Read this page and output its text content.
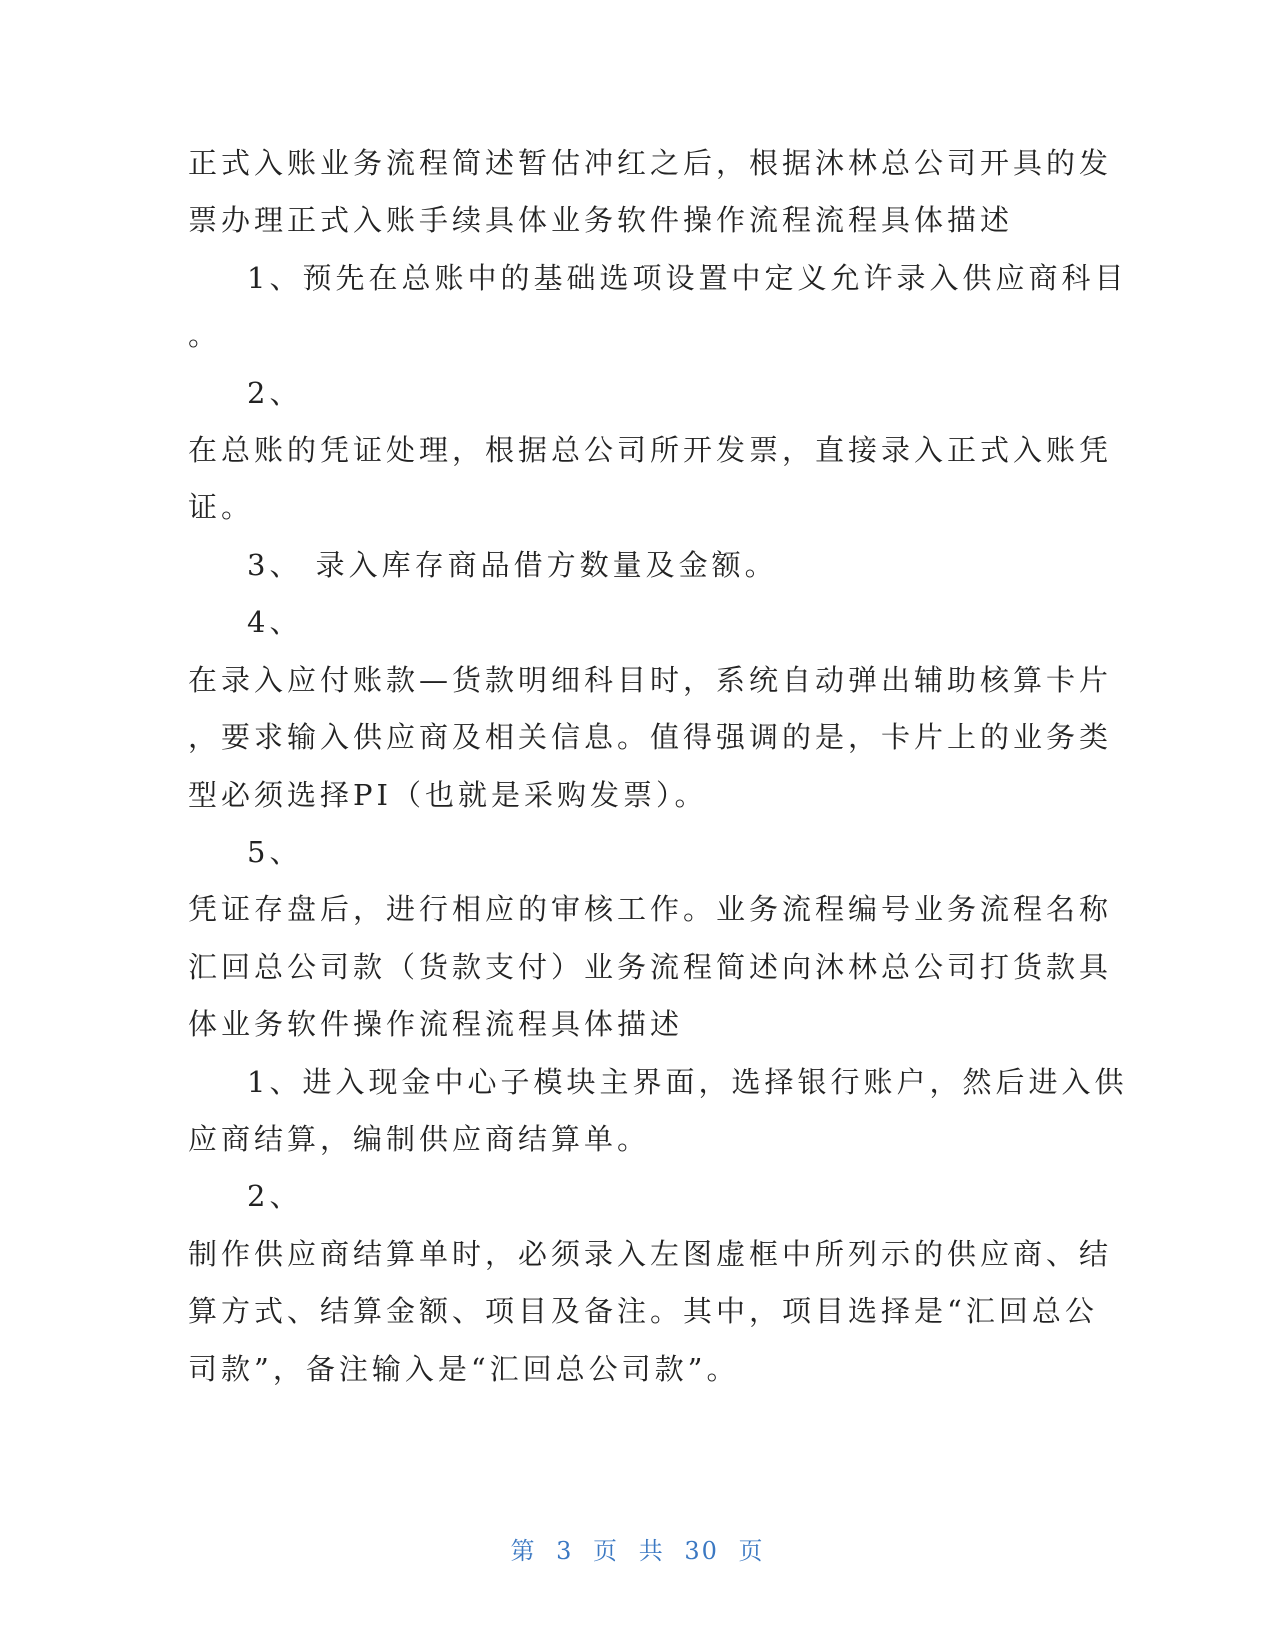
正式入账业务流程简述暂估冲红之后，根据沐林总公司开具的发

票办理正式入账手续具体业务软件操作流程流程具体描述

1、预先在总账中的基础选项设置中定义允许录入供应商科目

。

2、

在总账的凭证处理，根据总公司所开发票，直接录入正式入账凭

证。

3、 录入库存商品借方数量及金额。

4、

在录入应付账款—货款明细科目时，系统自动弹出辅助核算卡片

，要求输入供应商及相关信息。值得强调的是，卡片上的业务类

型必须选择PI（也就是采购发票）。

5、

凭证存盘后，进行相应的审核工作。业务流程编号业务流程名称

汇回总公司款（货款支付）业务流程简述向沐林总公司打货款具

体业务软件操作流程流程具体描述

1、进入现金中心子模块主界面，选择银行账户，然后进入供

应商结算，编制供应商结算单。

2、

制作供应商结算单时，必须录入左图虚框中所列示的供应商、结

算方式、结算金额、项目及备注。其中，项目选择是“汇回总公

司款”，备注输入是“汇回总公司款”。

第 3 页 共 30 页
